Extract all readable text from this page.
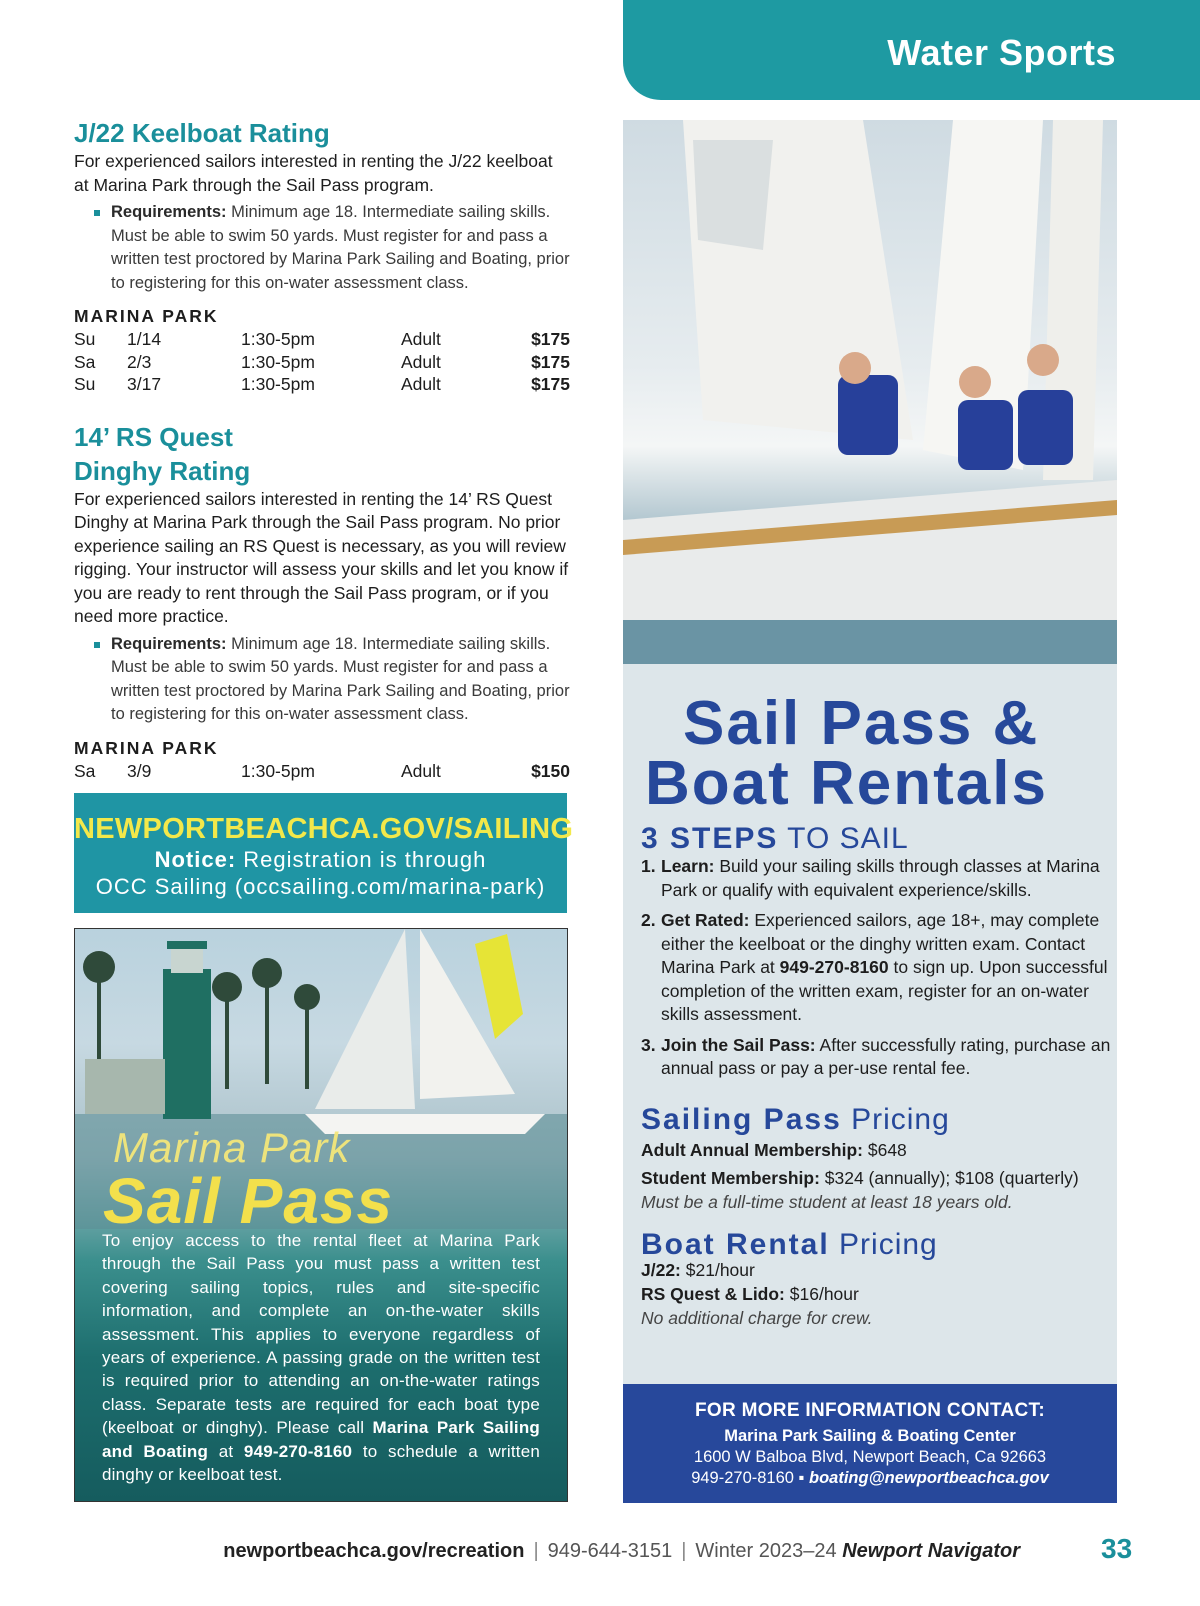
Water Sports
J/22 Keelboat Rating

For experienced sailors interested in renting the J/22 keelboat at Marina Park through the Sail Pass program.

Requirements: Minimum age 18. Intermediate sailing skills. Must be able to swim 50 yards. Must register for and pass a written test proctored by Marina Park Sailing and Boating, prior to registering for this on-water assessment class.
MARINA PARK
Su 1/14	1:30-5pm	Adult	$175
Sa 2/3	1:30-5pm	Adult	$175
Su 3/17	1:30-5pm	Adult	$175
14’ RS Quest
Dinghy Rating

For experienced sailors interested in renting the 14’ RS Quest Dinghy at Marina Park through the Sail Pass program. No prior experience sailing an RS Quest is necessary, as you will review rigging. Your instructor will assess your skills and let you know if you are ready to rent through the Sail Pass program, or if you need more practice.

Requirements: Minimum age 18. Intermediate sailing skills. Must be able to swim 50 yards. Must register for and pass a written test proctored by Marina Park Sailing and Boating, prior to registering for this on-water assessment class.
MARINA PARK
Sa 3/9	1:30-5pm	Adult	$150
NEWPORTBEACHCA.GOV/SAILING
Notice: Registration is through
OCC Sailing (occsailing.com/marina-park)
Marina Park
Sail Pass
To enjoy access to the rental fleet at Marina Park through the Sail Pass you must pass a written test covering sailing topics, rules and site-specific information, and complete an on-the-water skills assessment. This applies to everyone regardless of years of experience. A passing grade on the written test is required prior to attending an on-the-water ratings class. Separate tests are required for each boat type (keelboat or dinghy). Please call Marina Park Sailing and Boating at 949-270-8160 to schedule a written dinghy or keelboat test.
Sail Pass &
Boat Rentals
3 STEPS TO SAIL
1. Learn: Build your sailing skills through classes at Marina Park or qualify with equivalent experience/skills.
2. Get Rated: Experienced sailors, age 18+, may complete either the keelboat or the dinghy written exam. Contact Marina Park at 949-270-8160 to sign up. Upon successful completion of the written exam, register for an on-water skills assessment.
3. Join the Sail Pass: After successfully rating, purchase an annual pass or pay a per-use rental fee.
Sailing Pass Pricing
Adult Annual Membership: $648
Student Membership: $324 (annually); $108 (quarterly)
Must be a full-time student at least 18 years old.
Boat Rental Pricing
J/22: $21/hour
RS Quest & Lido: $16/hour
No additional charge for crew.
FOR MORE INFORMATION CONTACT:
Marina Park Sailing & Boating Center
1600 W Balboa Blvd, Newport Beach, Ca 92663
949-270-8160 ▪ boating@newportbeachca.gov
newportbeachca.gov/recreation | 949-644-3151 | Winter 2023–24 Newport Navigator	33
